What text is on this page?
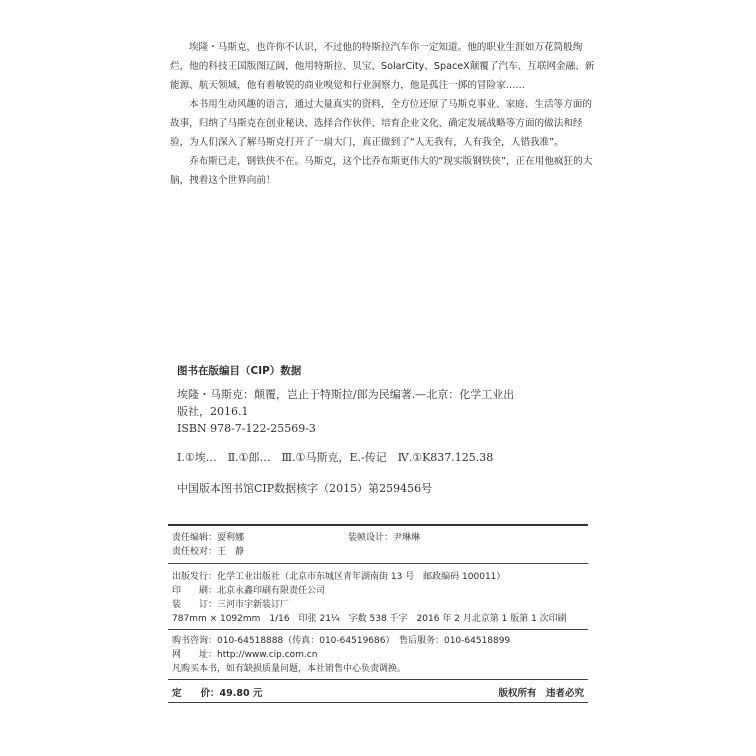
埃隆・马斯克，也许你不认识，不过他的特斯拉汽车你一定知道。他的职业生涯如万花筒般绚烂，他的科技王国版图辽阔，他用特斯拉、贝宝、SolarCity、SpaceX颠覆了汽车、互联网金融、新能源、航天领域，他有着敏锐的商业嗅觉和行业洞察力，他是孤注一掷的冒险家……

本书用生动风趣的语言，通过大量真实的资料，全方位还原了马斯克事业、家庭、生活等方面的故事，归纳了马斯克在创业秘诀、选择合作伙伴、培育企业文化、确定发展战略等方面的做法和经验，为人们深入了解马斯克打开了一扇大门，真正做到了“人无我有，人有我全，人错我准”。

乔布斯已走，钢铁侠不在。马斯克，这个比乔布斯更伟大的“现实版钢铁侠”，正在用他疯狂的大脑，拽着这个世界向前！

图书在版编目（CIP）数据
埃隆・马斯克：颠覆，岂止于特斯拉/郎为民编著.—北京：化学工业出
版社，2016.1
ISBN 978-7-122-25569-3
Ⅰ.①埃…　Ⅱ.①郎…　Ⅲ.①马斯克，E.-传记　Ⅳ.①K837.125.38
中国版本图书馆CIP数据核字（2015）第259456号
责任编辑：耍利娜	装帧设计：尹琳琳
责任校对：王　静
出版发行：化学工业出版社（北京市东城区青年湖南街 13 号　邮政编码 100011）
印　　刷：北京永鑫印刷有限责任公司
装　　订：三河市宇新装订厂
787mm × 1092mm　1/16　印张 21¼　字数 538 千字　2016 年 2 月北京第 1 版第 1 次印刷
购书咨询：010-64518888（传真：010-64519686）　售后服务：010-64518899
网　　址：http://www.cip.com.cn
凡购买本书，如有缺损质量问题，本社销售中心负责调换。
定　　价：49.80 元	版权所有　违者必究
